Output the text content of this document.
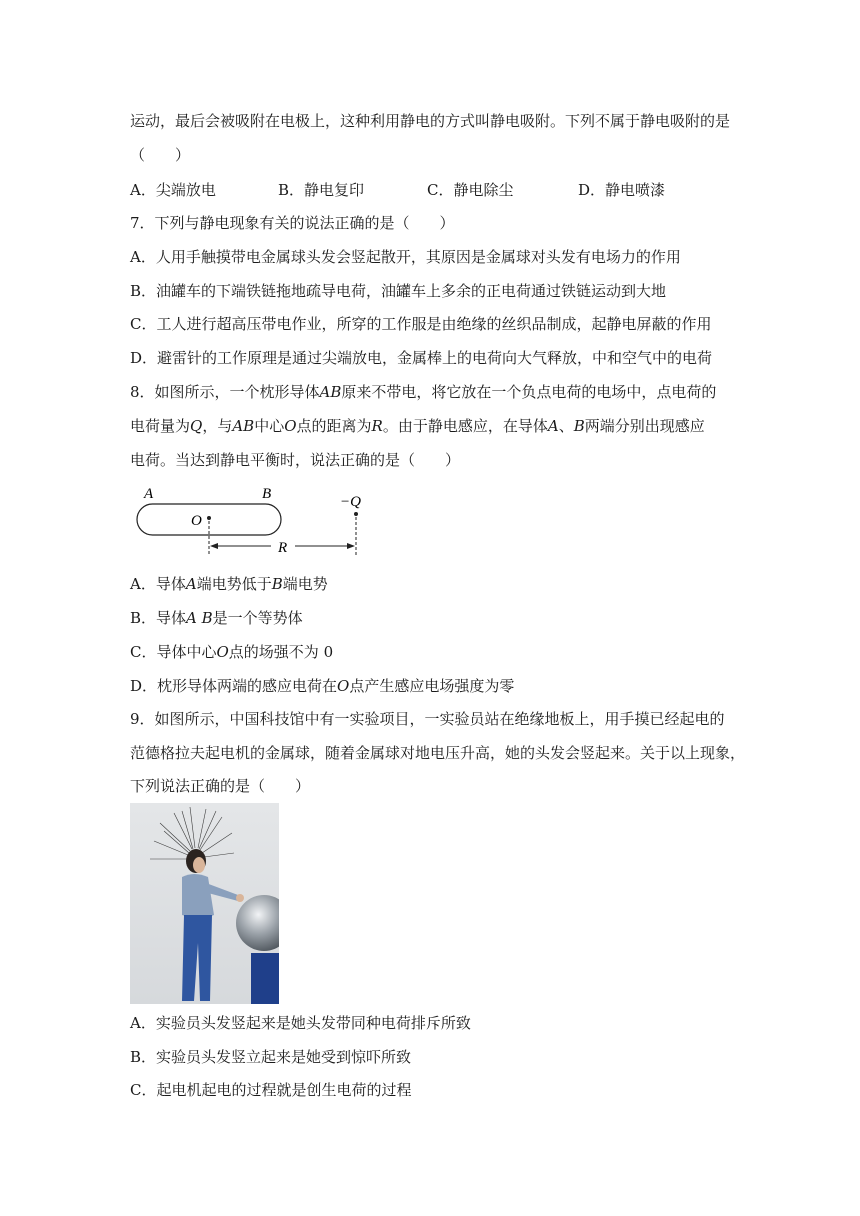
运动，最后会被吸附在电极上，这种利用静电的方式叫静电吸附。下列不属于静电吸附的是
（　　）
A．尖端放电	B．静电复印	C．静电除尘	D．静电喷漆
7．下列与静电现象有关的说法正确的是（　　）
A．人用手触摸带电金属球头发会竖起散开，其原因是金属球对头发有电场力的作用
B．油罐车的下端铁链拖地疏导电荷，油罐车上多余的正电荷通过铁链运动到大地
C．工人进行超高压带电作业，所穿的工作服是由绝缘的丝织品制成，起静电屏蔽的作用
D．避雷针的工作原理是通过尖端放电，金属棒上的电荷向大气释放，中和空气中的电荷
8．如图所示，一个枕形导体AB原来不带电，将它放在一个负点电荷的电场中，点电荷的
电荷量为Q，与AB中心O点的距离为R。由于静电感应，在导体A、B两端分别出现感应
电荷。当达到静电平衡时，说法正确的是（　　）
A	B
O
−Q
R
A．导体A端电势低于B端电势
B．导体A B是一个等势体
C．导体中心O点的场强不为 0
D．枕形导体两端的感应电荷在O点产生感应电场强度为零
9．如图所示，中国科技馆中有一实验项目，一实验员站在绝缘地板上，用手摸已经起电的
范德格拉夫起电机的金属球，随着金属球对地电压升高，她的头发会竖起来。关于以上现象，
下列说法正确的是（　　）
A．实验员头发竖起来是她头发带同种电荷排斥所致
B．实验员头发竖立起来是她受到惊吓所致
C．起电机起电的过程就是创生电荷的过程
